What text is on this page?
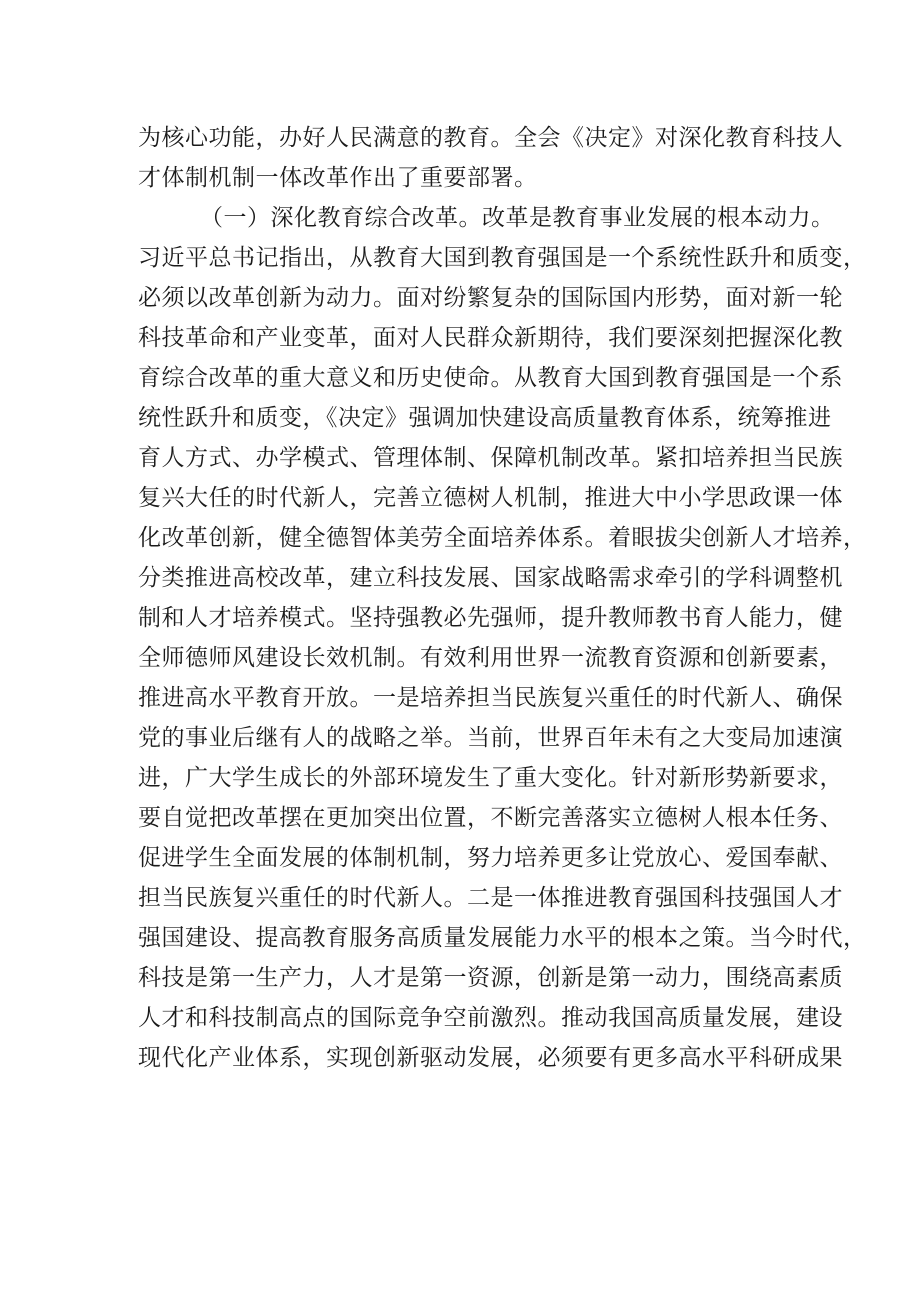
为核心功能，办好人民满意的教育。全会《决定》对深化教育科技人
才体制机制一体改革作出了重要部署。
（一）深化教育综合改革。改革是教育事业发展的根本动力。
习近平总书记指出，从教育大国到教育强国是一个系统性跃升和质变，
必须以改革创新为动力。面对纷繁复杂的国际国内形势，面对新一轮
科技革命和产业变革，面对人民群众新期待，我们要深刻把握深化教
育综合改革的重大意义和历史使命。从教育大国到教育强国是一个系
统性跃升和质变，《决定》强调加快建设高质量教育体系，统筹推进
育人方式、办学模式、管理体制、保障机制改革。紧扣培养担当民族
复兴大任的时代新人，完善立德树人机制，推进大中小学思政课一体
化改革创新，健全德智体美劳全面培养体系。着眼拔尖创新人才培养，
分类推进高校改革，建立科技发展、国家战略需求牵引的学科调整机
制和人才培养模式。坚持强教必先强师，提升教师教书育人能力，健
全师德师风建设长效机制。有效利用世界一流教育资源和创新要素，
推进高水平教育开放。一是培养担当民族复兴重任的时代新人、确保
党的事业后继有人的战略之举。当前，世界百年未有之大变局加速演
进，广大学生成长的外部环境发生了重大变化。针对新形势新要求，
要自觉把改革摆在更加突出位置，不断完善落实立德树人根本任务、
促进学生全面发展的体制机制，努力培养更多让党放心、爱国奉献、
担当民族复兴重任的时代新人。二是一体推进教育强国科技强国人才
强国建设、提高教育服务高质量发展能力水平的根本之策。当今时代，
科技是第一生产力，人才是第一资源，创新是第一动力，围绕高素质
人才和科技制高点的国际竞争空前激烈。推动我国高质量发展，建设
现代化产业体系，实现创新驱动发展，必须要有更多高水平科研成果
